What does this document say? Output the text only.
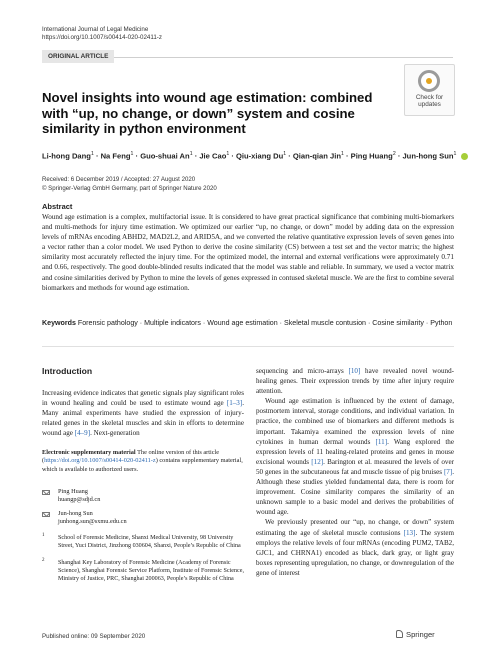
International Journal of Legal Medicine
https://doi.org/10.1007/s00414-020-02411-z
ORIGINAL ARTICLE
Check for
updates
Novel insights into wound age estimation: combined with “up, no change, or down” system and cosine similarity in python environment
Li-hong Dang$^1$ · Na Feng$^1$ · Guo-shuai $An^1$ · Jie Cao$^1$ · Qiu-xiang $Du^1$ · Qian-qian Jin$^1$ · Ping Huang$^2$ · Jun-hong Sun$^1$
Received: 6 December 2019 / Accepted: 27 August 2020
© Springer-Verlag GmbH Germany, part of Springer Nature 2020
Abstract

Wound age estimation is a complex, multifactorial issue. It is considered to have great practical significance that combining multi-biomarkers and multi-methods for injury time estimation. We optimized our earlier “up, no change, or down” model by adding data on the expression levels of mRNAs encoding ABHD2, MAD2L2, and ARID5A, and we converted the relative quantitative expression levels of seven genes into a vector rather than a color model. We used Python to derive the cosine similarity (CS) between a test set and the vector matrix; the highest similarity most accurately reflected the injury time. For the optimized model, the internal and external verifications were approximately 0.71 and 0.66, respectively. The good double-blinded results indicated that the model was stable and reliable. In summary, we used a vector matrix and cosine similarities derived by Python to mine the levels of genes expressed in contused skeletal muscle. We are the first to combine several biomarkers and methods for wound age estimation.

Keywords Forensic pathology · Multiple indicators · Wound age estimation · Skeletal muscle contusion · Cosine similarity · Python
Introduction

Increasing evidence indicates that genetic signals play significant roles in wound healing and could be used to estimate wound age [1–3]. Many animal experiments have studied the expression of injury-related genes in the skeletal muscles and skin in efforts to determine wound age [4–9]. Next-generation

Electronic supplementary material The online version of this article (https://doi.org/10.1007/s00414-020-02411-z) contains supplementary material, which is available to authorized users.
Ping Huang
huangp@sdjd.cn
Jun-hong Sun
junhong.sun@sxmu.edu.cn
1 School of Forensic Medicine, Shanxi Medical University, 98 University Street, Yuci District, Jinzhong 030604, Shanxi, People’s Republic of China
2 Shanghai Key Laboratory of Forensic Medicine (Academy of Forensic Science), Shanghai Forensic Service Platform, Institute of Forensic Science, Ministry of Justice, PRC, Shanghai 200063, People’s Republic of China

sequencing and micro-arrays [10] have revealed novel wound-healing genes. Their expression trends by time after injury require attention.

Wound age estimation is influenced by the extent of damage, postmortem interval, storage conditions, and individual variation. In practice, the combined use of biomarkers and different methods is important. Takamiya examined the expression levels of nine cytokines in human dermal wounds [11]. Wang explored the expression levels of 11 healing-related proteins and genes in mouse excisional wounds [12]. Barington et al. measured the levels of over 50 genes in the subcutaneous fat and muscle tissue of pig bruises [7]. Although these studies yielded fundamental data, there is room for improvement. Cosine similarity compares the similarity of an unknown sample to a basic model and derives the probabilities of wound age.

We previously presented our “up, no change, or down” system estimating the age of skeletal muscle contusions [13]. The system employs the relative levels of four mRNAs (encoding PUM2, TAB2, GJC1, and CHRNA1) encoded as black, dark gray, or light gray boxes representing upregulation, no change, or downregulation of the gene of interest

Published online: 09 September 2020	Springer
